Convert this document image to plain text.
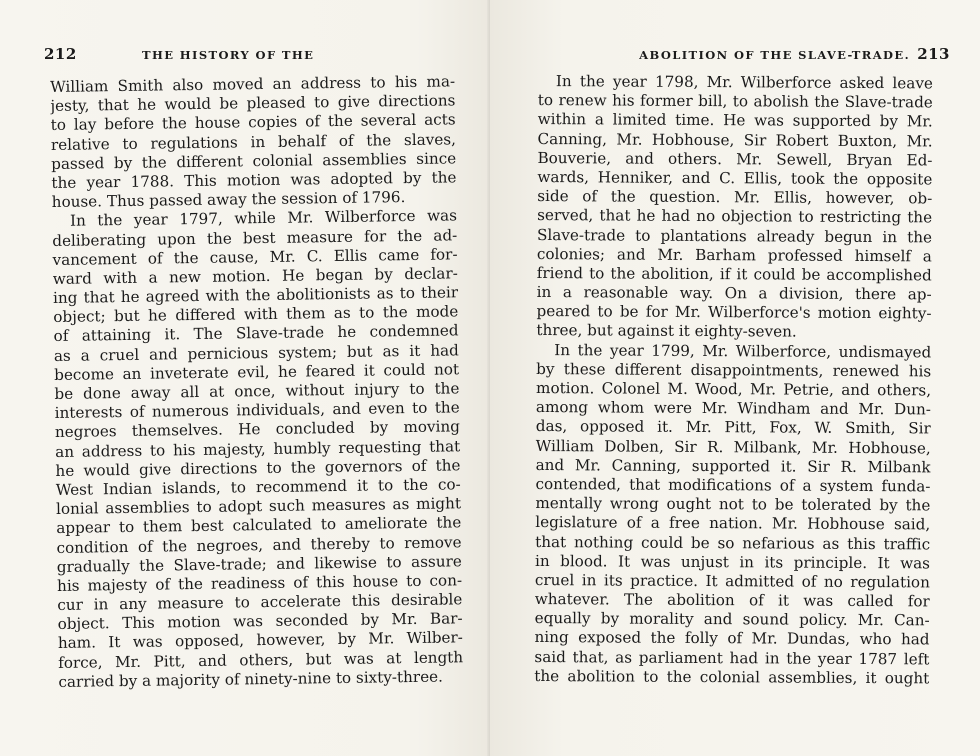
212	THE HISTORY OF THE
William Smith also moved an address to his ma-
jesty, that he would be pleased to give directions
to lay before the house copies of the several acts
relative to regulations in behalf of the slaves,
passed by the different colonial assemblies since
the year 1788. This motion was adopted by the
house. Thus passed away the session of 1796.
In the year 1797, while Mr. Wilberforce was
deliberating upon the best measure for the ad-
vancement of the cause, Mr. C. Ellis came for-
ward with a new motion. He began by declar-
ing that he agreed with the abolitionists as to their
object; but he differed with them as to the mode
of attaining it. The Slave-trade he condemned
as a cruel and pernicious system; but as it had
become an inveterate evil, he feared it could not
be done away all at once, without injury to the
interests of numerous individuals, and even to the
negroes themselves. He concluded by moving
an address to his majesty, humbly requesting that
he would give directions to the governors of the
West Indian islands, to recommend it to the co-
lonial assemblies to adopt such measures as might
appear to them best calculated to ameliorate the
condition of the negroes, and thereby to remove
gradually the Slave-trade; and likewise to assure
his majesty of the readiness of this house to con-
cur in any measure to accelerate this desirable
object. This motion was seconded by Mr. Bar-
ham. It was opposed, however, by Mr. Wilber-
force, Mr. Pitt, and others, but was at length
carried by a majority of ninety-nine to sixty-three.
ABOLITION OF THE SLAVE-TRADE. 213
In the year 1798, Mr. Wilberforce asked leave
to renew his former bill, to abolish the Slave-trade
within a limited time. He was supported by Mr.
Canning, Mr. Hobhouse, Sir Robert Buxton, Mr.
Bouverie, and others. Mr. Sewell, Bryan Ed-
wards, Henniker, and C. Ellis, took the opposite
side of the question. Mr. Ellis, however, ob-
served, that he had no objection to restricting the
Slave-trade to plantations already begun in the
colonies; and Mr. Barham professed himself a
friend to the abolition, if it could be accomplished
in a reasonable way. On a division, there ap-
peared to be for Mr. Wilberforce's motion eighty-
three, but against it eighty-seven.
In the year 1799, Mr. Wilberforce, undismayed
by these different disappointments, renewed his
motion. Colonel M. Wood, Mr. Petrie, and others,
among whom were Mr. Windham and Mr. Dun-
das, opposed it. Mr. Pitt, Fox, W. Smith, Sir
William Dolben, Sir R. Milbank, Mr. Hobhouse,
and Mr. Canning, supported it. Sir R. Milbank
contended, that modifications of a system funda-
mentally wrong ought not to be tolerated by the
legislature of a free nation. Mr. Hobhouse said,
that nothing could be so nefarious as this traffic
in blood. It was unjust in its principle. It was
cruel in its practice. It admitted of no regulation
whatever. The abolition of it was called for
equally by morality and sound policy. Mr. Can-
ning exposed the folly of Mr. Dundas, who had
said that, as parliament had in the year 1787 left
the abolition to the colonial assemblies, it ought
